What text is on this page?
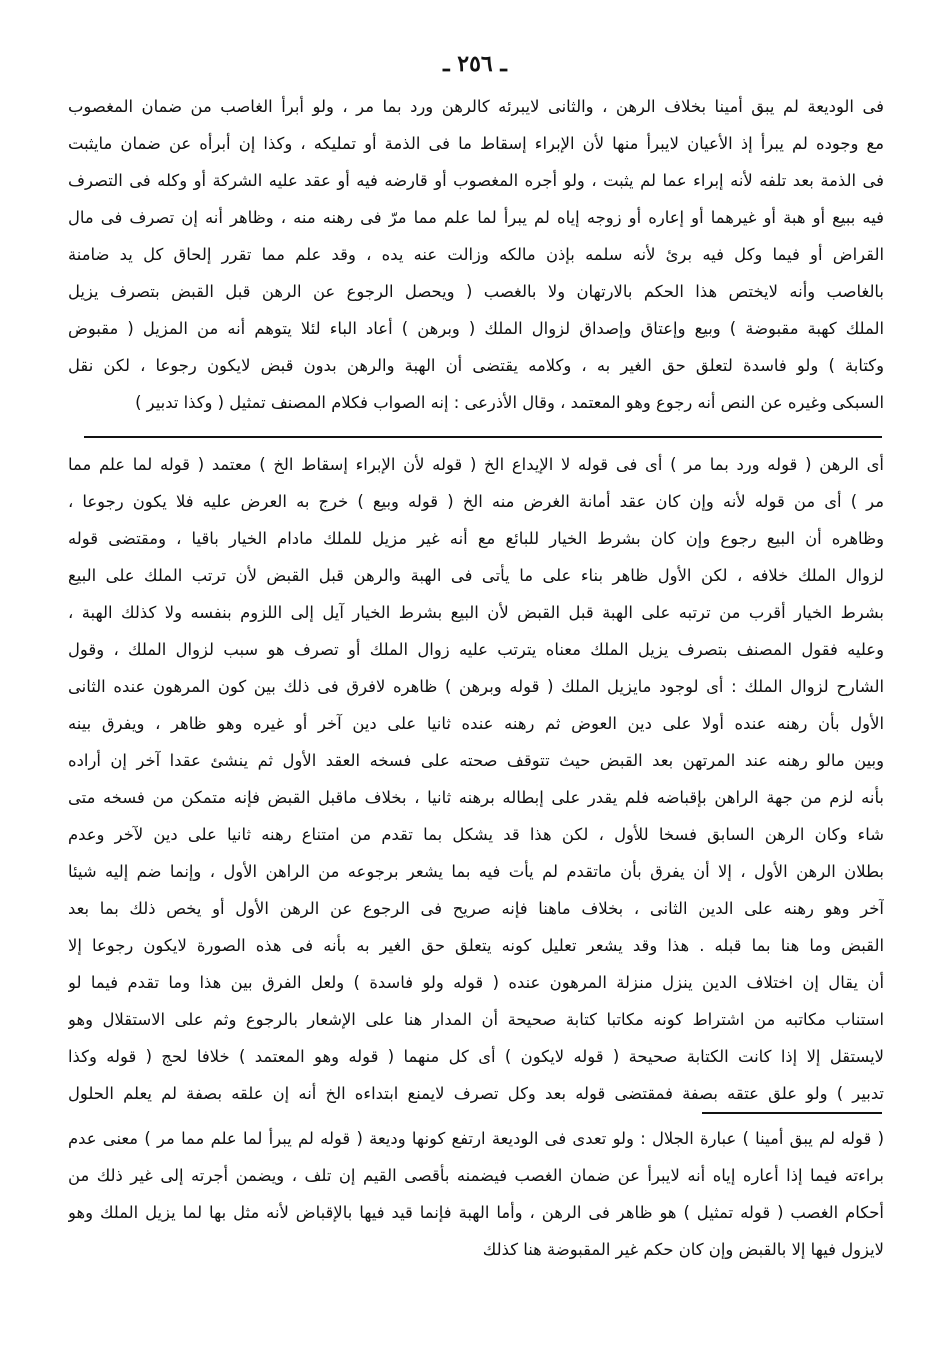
ـ ٢٥٦ ـ
فى الوديعة لم يبق أمينا بخلاف الرهن ، والثانى لايبرئه كالرهن ورد بما مر ، ولو أبرأ الغاصب من ضمان المغصوب
مع وجوده لم يبرأ إذ الأعيان لايبرأ منها لأن الإبراء إسقاط ما فى الذمة أو تمليكه ، وكذا إن أبرأه عن ضمان مايثبت
فى الذمة بعد تلفه لأنه إبراء عما لم يثبت ، ولو أجره المغصوب أو قارضه فيه أو عقد عليه الشركة أو وكله فى التصرف
فيه ببيع أو هبة أو غيرهما أو إعاره أو زوجه إياه لم يبرأ لما علم مما مرّ فى رهنه منه ، وظاهر أنه إن تصرف فى مال
القراض أو فيما وكل فيه برئ لأنه سلمه بإذن مالكه وزالت عنه يده ، وقد علم مما تقرر إلحاق كل يد ضامنة
بالغاصب وأنه لايختص هذا الحكم بالارتهان ولا بالغصب ( ويحصل الرجوع عن الرهن قبل القبض بتصرف يزيل
الملك كهبة مقبوضة ) وبيع وإعتاق وإصداق لزوال الملك ( وبرهن ) أعاد الباء لئلا يتوهم أنه من المزيل ( مقبوض
وكتابة ) ولو فاسدة لتعلق حق الغير به ، وكلامه يقتضى أن الهبة والرهن بدون قبض لايكون رجوعا ، لكن نقل
السبكى وغيره عن النص أنه رجوع وهو المعتمد ، وقال الأذرعى : إنه الصواب فكلام المصنف تمثيل ( وكذا تدبير )
أى الرهن ( قوله ورد بما مر ) أى فى قوله لا الإيداع الخ ( قوله لأن الإبراء إسقاط الخ ) معتمد ( قوله لما علم مما
مر ) أى من قوله لأنه وإن كان عقد أمانة الغرض منه الخ ( قوله وبيع ) خرج به العرض عليه فلا يكون رجوعا ،
وظاهره أن البيع رجوع وإن كان بشرط الخيار للبائع مع أنه غير مزيل للملك مادام الخيار باقيا ، ومقتضى قوله
لزوال الملك خلافه ، لكن الأول ظاهر بناء على ما يأتى فى الهبة والرهن قبل القبض لأن ترتب الملك على البيع
بشرط الخيار أقرب من ترتبه على الهبة قبل القبض لأن البيع بشرط الخيار آيل إلى اللزوم بنفسه ولا كذلك الهبة ،
وعليه فقول المصنف بتصرف يزيل الملك معناه يترتب عليه زوال الملك أو تصرف هو سبب لزوال الملك ، وقول
الشارح لزوال الملك : أى لوجود مايزيل الملك ( قوله وبرهن ) ظاهره لافرق فى ذلك بين كون المرهون عنده الثانى
الأول بأن رهنه عنده أولا على دين العوض ثم رهنه عنده ثانيا على دين آخر أو غيره وهو ظاهر ، ويفرق بينه
وبين مالو رهنه عند المرتهن بعد القبض حيث تتوقف صحته على فسخه العقد الأول ثم ينشئ عقدا آخر إن أراده
بأنه لزم من جهة الراهن بإقباضه فلم يقدر على إبطاله برهنه ثانيا ، بخلاف ماقبل القبض فإنه متمكن من فسخه متى
شاء وكان الرهن السابق فسخا للأول ، لكن هذا قد يشكل بما تقدم من امتناع رهنه ثانيا على دين لآخر وعدم
بطلان الرهن الأول ، إلا أن يفرق بأن ماتقدم لم يأت فيه بما يشعر برجوعه من الراهن الأول ، وإنما ضم إليه شيئا
آخر وهو رهنه على الدين الثانى ، بخلاف ماهنا فإنه صريح فى الرجوع عن الرهن الأول أو يخص ذلك بما بعد
القبض وما هنا بما قبله . هذا وقد يشعر تعليل كونه يتعلق حق الغير به بأنه فى هذه الصورة لايكون رجوعا إلا
أن يقال إن اختلاف الدين ينزل منزلة المرهون عنده ( قوله ولو فاسدة ) ولعل الفرق بين هذا وما تقدم فيما لو
استناب مكاتبه من اشتراط كونه مكاتبا كتابة صحيحة أن المدار هنا على الإشعار بالرجوع وثم على الاستقلال وهو
لايستقل إلا إذا كانت الكتابة صحيحة ( قوله لايكون ) أى كل منهما ( قوله وهو المعتمد ) خلافا لحج ( قوله وكذا
تدبير ) ولو علق عتقه بصفة فمقتضى قوله بعد وكل تصرف لايمنع ابتداءه الخ أنه إن علقه بصفة لم يعلم الحلول
( قوله لم يبق أمينا ) عبارة الجلال : ولو تعدى فى الوديعة ارتفع كونها وديعة ( قوله لم يبرأ لما علم مما مر ) معنى عدم
براءته فيما إذا أعاره إياه أنه لايبرأ عن ضمان الغصب فيضمنه بأقصى القيم إن تلف ، ويضمن أجرته إلى غير ذلك من
أحكام الغصب ( قوله تمثيل ) هو ظاهر فى الرهن ، وأما الهبة فإنما قيد فيها بالإقباض لأنه مثل بها لما يزيل الملك وهو
لايزول فيها إلا بالقبض وإن كان حكم غير المقبوضة هنا كذلك
